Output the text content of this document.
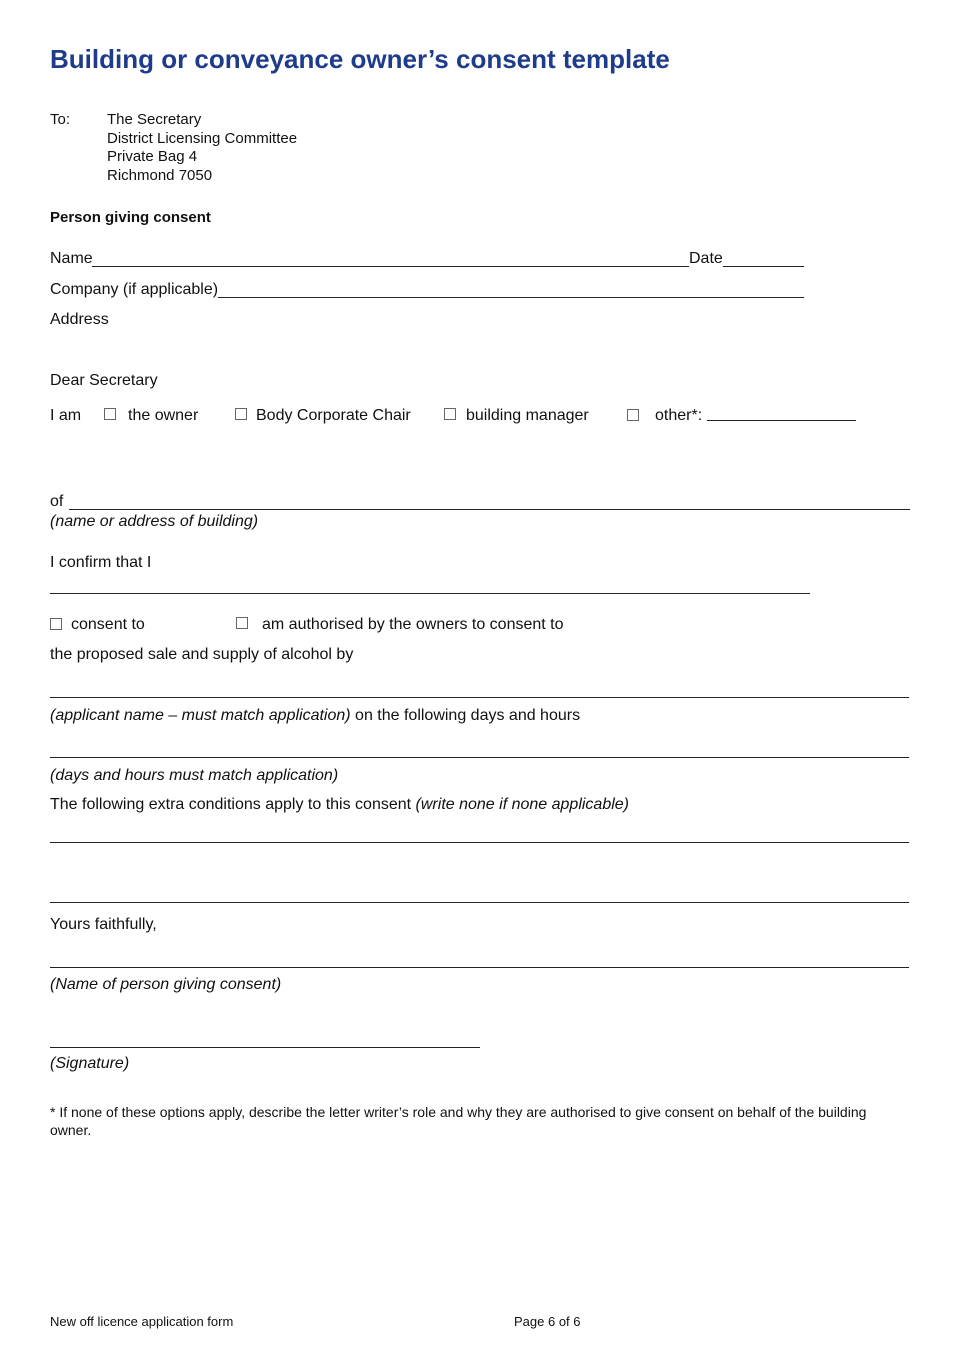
Building or conveyance owner’s consent template
To: The Secretary
District Licensing Committee
Private Bag 4
Richmond 7050
Person giving consent
Name	Date
Company (if applicable)
Address
Dear Secretary
I am	the owner	Body Corporate Chair	building manager	other*:
of
(name or address of building)
I confirm that I
consent to	am authorised by the owners to consent to
the proposed sale and supply of alcohol by
(applicant name – must match application) on the following days and hours
(days and hours must match application)
The following extra conditions apply to this consent (write none if none applicable)
Yours faithfully,
(Name of person giving consent)
(Signature)
* If none of these options apply, describe the letter writer’s role and why they are authorised to give consent on behalf of the building owner.
New off licence application form	Page 6 of 6
